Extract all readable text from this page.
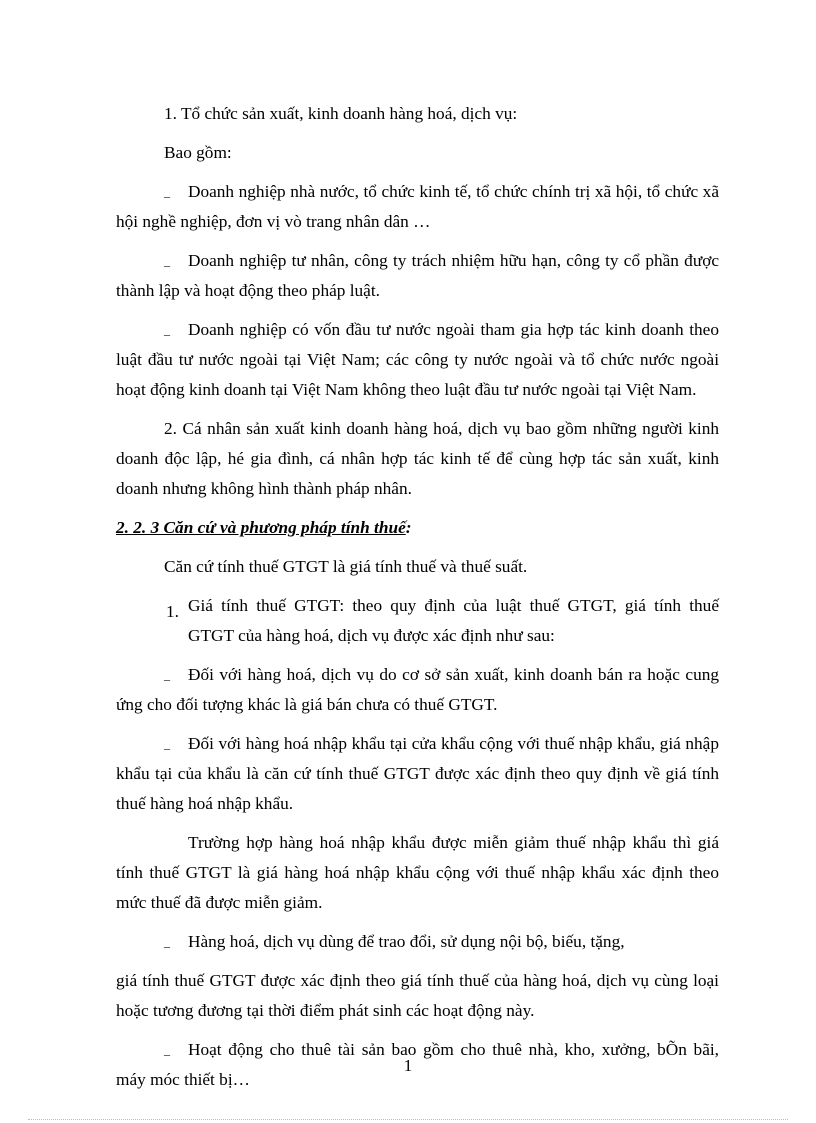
1. Tổ chức sản xuất, kinh doanh hàng hoá, dịch vụ:

Bao gồm:

_ Doanh nghiệp nhà nước, tổ chức kinh tế, tổ chức chính trị xã hội, tổ chức xã hội nghề nghiệp, đơn vị vò trang nhân dân …

_ Doanh nghiệp tư nhân, công ty trách nhiệm hữu hạn, công ty cổ phần được thành lập và hoạt động theo pháp luật.

_ Doanh nghiệp có vốn đầu tư nước ngoài tham gia hợp tác kinh doanh theo luật đầu tư nước ngoài tại Việt Nam; các công ty nước ngoài và tổ chức nước ngoài hoạt động kinh doanh tại Việt Nam không theo luật đầu tư nước ngoài tại Việt Nam.

2. Cá nhân sản xuất kinh doanh hàng hoá, dịch vụ bao gồm những người kinh doanh độc lập, hé gia đình, cá nhân hợp tác kinh tế để cùng hợp tác sản xuất, kinh doanh nhưng không hình thành pháp nhân.

2. 2. 3 Căn cứ và phương pháp tính thuế:

Căn cứ tính thuế GTGT là giá tính thuế và thuế suất.

1. Giá tính thuế GTGT: theo quy định của luật thuế GTGT, giá tính thuế GTGT của hàng hoá, dịch vụ được xác định như sau:

_ Đối với hàng hoá, dịch vụ do cơ sở sản xuất, kinh doanh bán ra hoặc cung ứng cho đối tượng khác là giá bán chưa có thuế GTGT.

_ Đối với hàng hoá nhập khẩu tại cửa khẩu cộng với thuế nhập khẩu, giá nhập khẩu tại của khẩu là căn cứ tính thuế GTGT được xác định theo quy định về giá tính thuế hàng hoá nhập khẩu.

Trường hợp hàng hoá nhập khẩu được miễn giảm thuế nhập khẩu thì giá tính thuế GTGT là giá hàng hoá nhập khẩu cộng với thuế nhập khẩu xác định theo mức thuế đã được miễn giảm.

_ Hàng hoá, dịch vụ dùng để trao đổi, sử dụng nội bộ, biếu, tặng,

giá tính thuế GTGT được xác định theo giá tính thuế của hàng hoá, dịch vụ cùng loại hoặc tương đương tại thời điểm phát sinh các hoạt động này.

_ Hoạt động cho thuê tài sản bao gồm cho thuê nhà, kho, xưởng, bÕn bãi, máy móc thiết bị…

1
